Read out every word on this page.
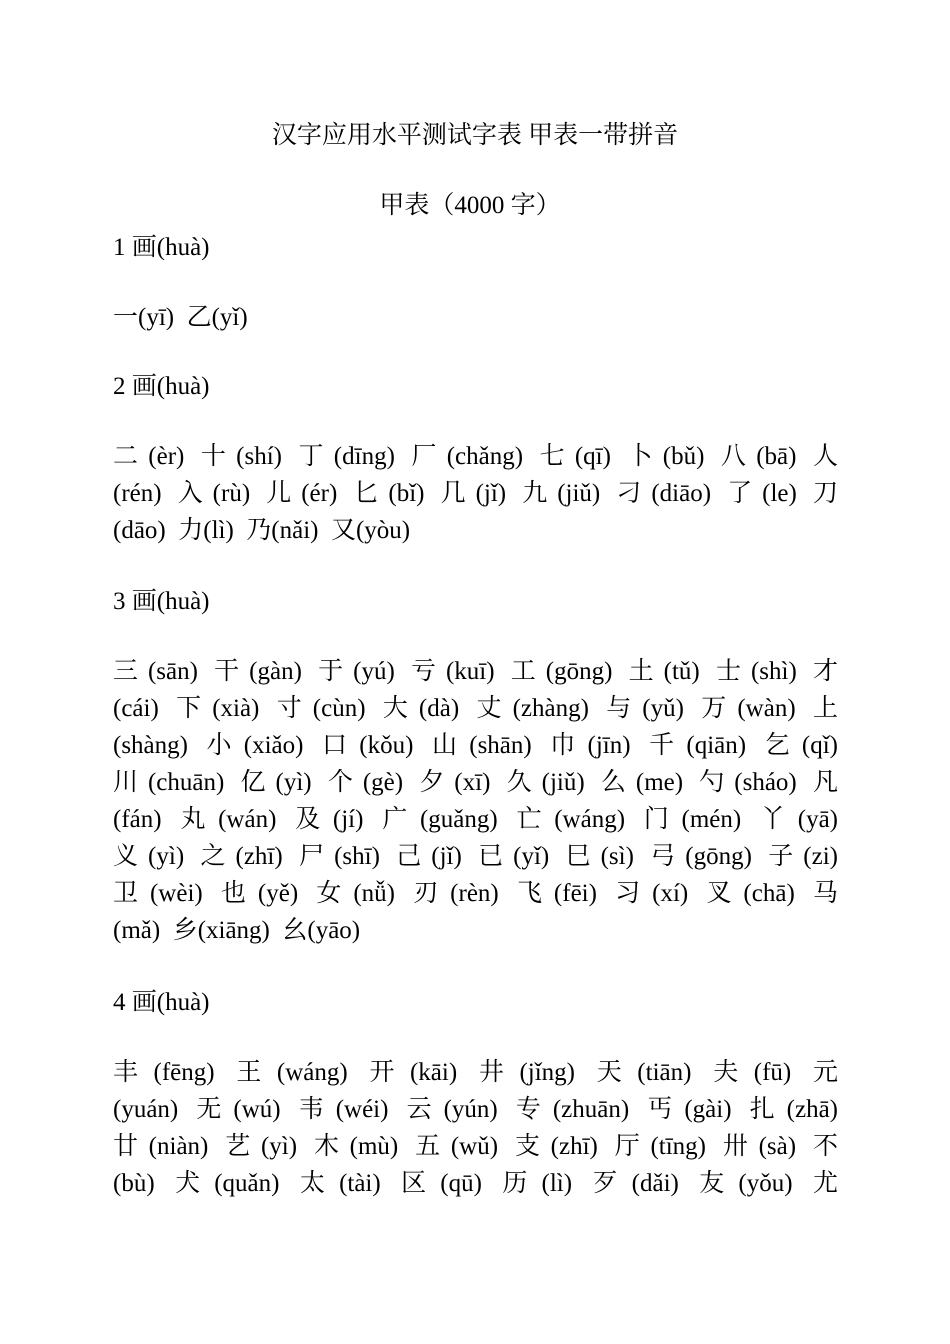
汉字应用水平测试字表 甲表一带拼音
甲表（4000 字）
1 画(huà)
一(yī) 乙(yǐ)
2 画(huà)
二(èr) 十(shí) 丁(dīng) 厂(chǎng) 七(qī) 卜(bǔ) 八(bā) 人
(rén) 入(rù) 儿(ér) 匕(bǐ) 几(jǐ) 九(jiǔ) 刁(diāo) 了(le) 刀
(dāo) 力(lì) 乃(nǎi) 又(yòu)
3 画(huà)
三(sān) 干(gàn) 于(yú) 亏(kuī) 工(gōng) 土(tǔ) 士(shì) 才
(cái) 下(xià) 寸(cùn) 大(dà) 丈(zhàng) 与(yǔ) 万(wàn) 上
(shàng) 小(xiǎo) 口(kǒu) 山(shān) 巾(jīn) 千(qiān) 乞(qǐ)
川(chuān) 亿(yì) 个(gè) 夕(xī) 久(jiǔ) 么(me) 勺(sháo) 凡
(fán) 丸(wán) 及(jí) 广(guǎng) 亡(wáng) 门(mén) 丫(yā)
义(yì) 之(zhī) 尸(shī) 己(jǐ) 已(yǐ) 巳(sì) 弓(gōng) 子(zi)
卫(wèi) 也(yě) 女(nǚ) 刃(rèn) 飞(fēi) 习(xí) 叉(chā) 马
(mǎ) 乡(xiāng) 幺(yāo)
4 画(huà)
丰(fēng) 王(wáng) 开(kāi) 井(jǐng) 天(tiān) 夫(fū) 元
(yuán) 无(wú) 韦(wéi) 云(yún) 专(zhuān) 丐(gài) 扎(zhā)
廿(niàn) 艺(yì) 木(mù) 五(wǔ) 支(zhī) 厅(tīng) 卅(sà) 不
(bù) 犬(quǎn) 太(tài) 区(qū) 历(lì) 歹(dǎi) 友(yǒu) 尤
